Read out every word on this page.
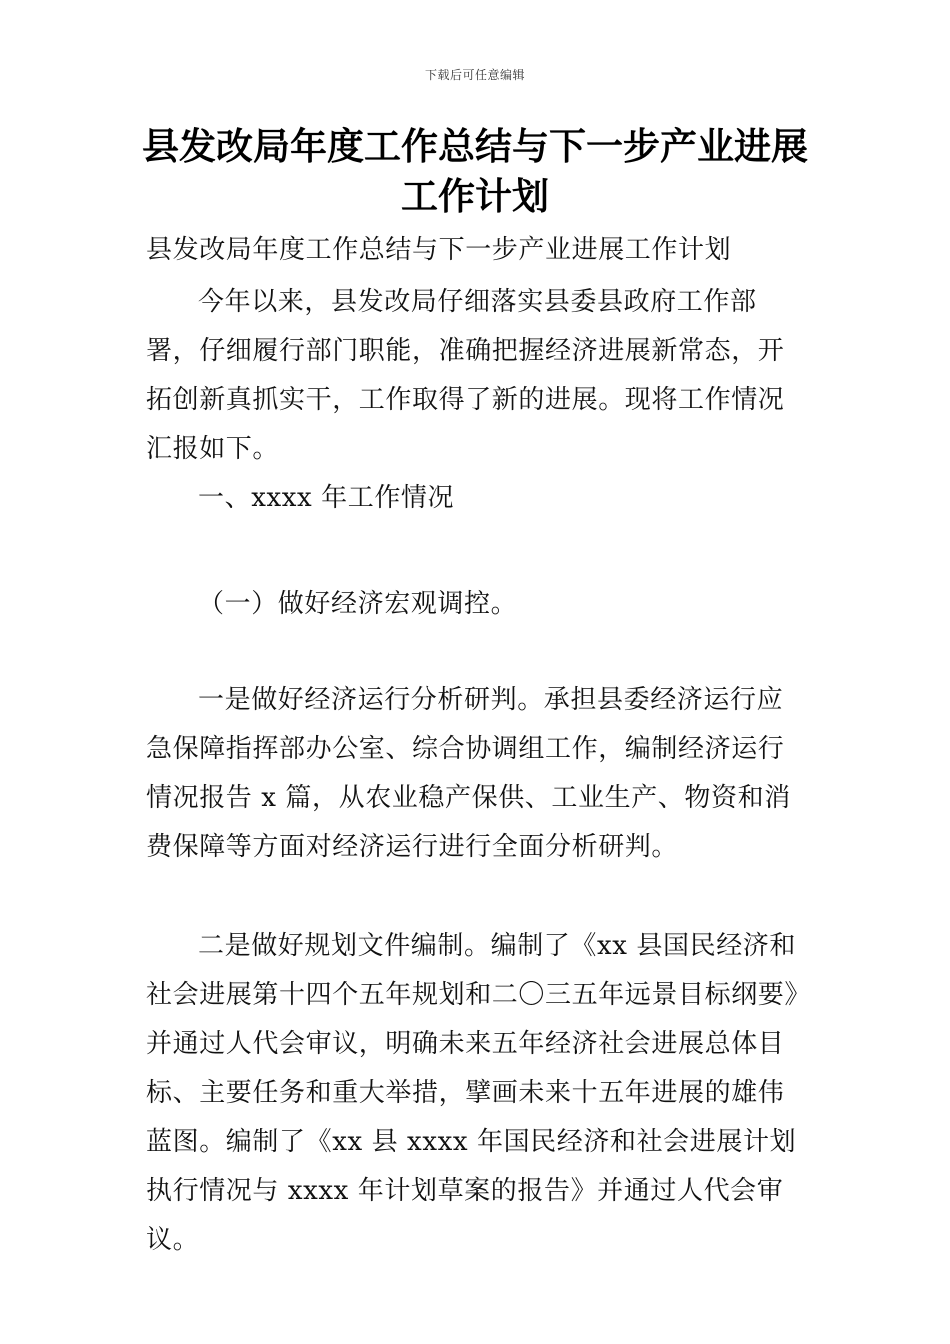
下载后可任意编辑
县发改局年度工作总结与下一步产业进展工作计划
县发改局年度工作总结与下一步产业进展工作计划
今年以来，县发改局仔细落实县委县政府工作部署，仔细履行部门职能，准确把握经济进展新常态，开拓创新真抓实干，工作取得了新的进展。现将工作情况汇报如下。
一、xxxx 年工作情况
（一）做好经济宏观调控。
一是做好经济运行分析研判。承担县委经济运行应急保障指挥部办公室、综合协调组工作，编制经济运行情况报告 x 篇，从农业稳产保供、工业生产、物资和消费保障等方面对经济运行进行全面分析研判。
二是做好规划文件编制。编制了《xx 县国民经济和社会进展第十四个五年规划和二〇三五年远景目标纲要》并通过人代会审议，明确未来五年经济社会进展总体目标、主要任务和重大举措，擘画未来十五年进展的雄伟蓝图。编制了《xx 县 xxxx 年国民经济和社会进展计划执行情况与 xxxx 年计划草案的报告》并通过人代会审议。
